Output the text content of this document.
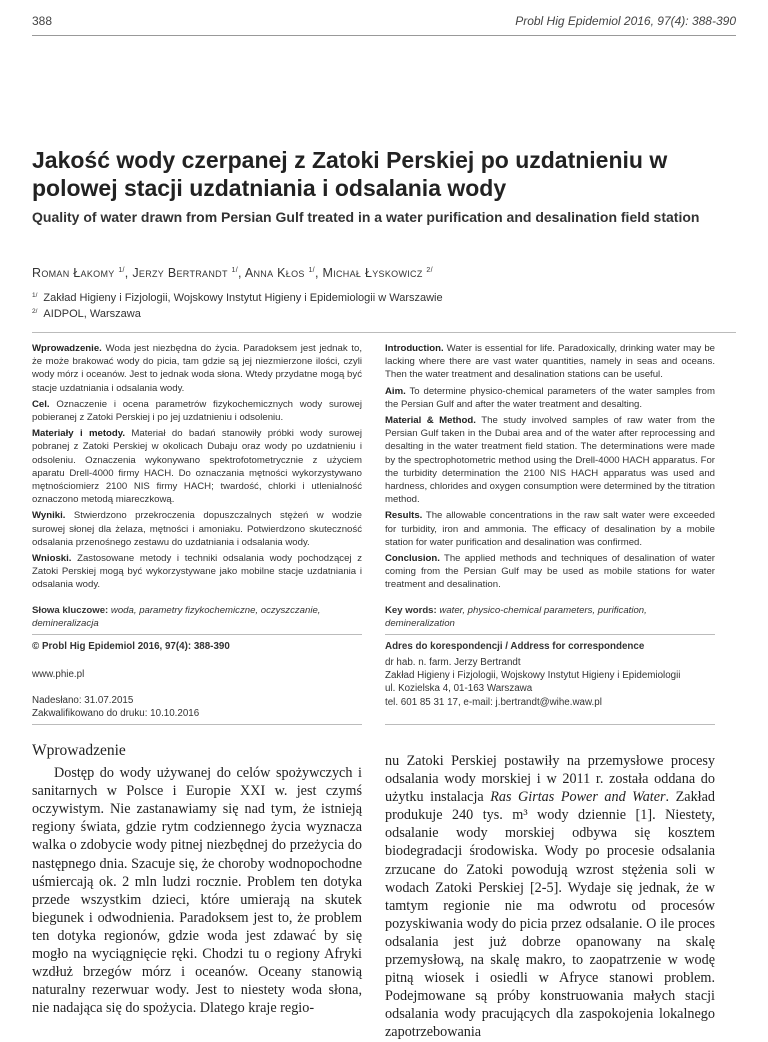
388	Probl Hig Epidemiol 2016, 97(4): 388-390
Jakość wody czerpanej z Zatoki Perskiej po uzdatnieniu w polowej stacji uzdatniania i odsalania wody
Quality of water drawn from Persian Gulf treated in a water purification and desalination field station
Roman Łakomy $^{1/}$, Jerzy Bertrandt $^{1/}$, Anna Kłos $^{1/}$, Michał Łyskowicz $^{2/}$
$^{1/}$ Zakład Higieny i Fizjologii, Wojskowy Instytut Higieny i Epidemiologii w Warszawie
$^{2/}$ AIDPOL, Warszawa

Wprowadzenie. Woda jest niezbędna do życia. Paradoksem jest jednak to, że może brakować wody do picia, tam gdzie są jej niezmierzone ilości, czyli wody mórz i oceanów. Jest to jednak woda słona. Wtedy przydatne mogą być stacje uzdatniania i odsalania wody.

Cel. Oznaczenie i ocena parametrów fizykochemicznych wody surowej pobieranej z Zatoki Perskiej i po jej uzdatnieniu i odsoleniu.

Materiały i metody. Materiał do badań stanowiły próbki wody surowej pobranej z Zatoki Perskiej w okolicach Dubaju oraz wody po uzdatnieniu i odsoleniu. Oznaczenia wykonywano spektrofotometrycznie z użyciem aparatu Drell-4000 firmy HACH. Do oznaczania mętności wykorzystywano mętnościomierz 2100 NIS firmy HACH; twardość, chlorki i utlenialność oznaczono metodą miareczkową.

Wyniki. Stwierdzono przekroczenia dopuszczalnych stężeń w wodzie surowej słonej dla żelaza, mętności i amoniaku. Potwierdzono skuteczność odsalania przenośnego zestawu do uzdatniania i odsalania wody.

Wnioski. Zastosowane metody i techniki odsalania wody pochodzącej z Zatoki Perskiej mogą być wykorzystywane jako mobilne stacje uzdatniania i odsalania wody.

Introduction. Water is essential for life. Paradoxically, drinking water may be lacking where there are vast water quantities, namely in seas and oceans. Then the water treatment and desalination stations can be useful.

Aim. To determine physico-chemical parameters of the water samples from the Persian Gulf and after the water treatment and desalting.

Material & Method. The study involved samples of raw water from the Persian Gulf taken in the Dubai area and of the water after reprocessing and desalting in the water treatment field station. The determinations were made by the spectrophotometric method using the Drell-4000 HACH apparatus. For the turbidity determination the 2100 NIS HACH apparatus was used and hardness, chlorides and oxygen consumption were determined by the titration method.

Results. The allowable concentrations in the raw salt water were exceeded for turbidity, iron and ammonia. The efficacy of desalination by a mobile station for water purification and desalination was confirmed.

Conclusion. The applied methods and techniques of desalination of water coming from the Persian Gulf may be used as mobile stations for water treatment and desalination.

Słowa kluczowe: woda, parametry fizykochemiczne, oczyszczanie, demineralizacja
Key words: water, physico-chemical parameters, purification, demineralization
© Probl Hig Epidemiol 2016, 97(4): 388-390
www.phie.pl
Nadesłano: 31.07.2015
Zakwalifikowano do druku: 10.10.2016
Adres do korespondencji / Address for correspondence
dr hab. n. farm. Jerzy Bertrandt
Zakład Higieny i Fizjologii, Wojskowy Instytut Higieny i Epidemiologii
ul. Kozielska 4, 01-163 Warszawa
tel. 601 85 31 17, e-mail: j.bertrandt@wihe.waw.pl
Wprowadzenie

Dostęp do wody używanej do celów spożywczych i sanitarnych w Polsce i Europie XXI w. jest czymś oczywistym. Nie zastanawiamy się nad tym, że istnieją regiony świata, gdzie rytm codziennego życia wyznacza walka o zdobycie wody pitnej niezbędnej do przeżycia do następnego dnia. Szacuje się, że choroby wodnopochodne uśmiercają ok. 2 mln ludzi rocznie. Problem ten dotyka przede wszystkim dzieci, które umierają na skutek biegunek i odwodnienia. Paradoksem jest to, że problem ten dotyka regionów, gdzie woda jest zdawać by się mogło na wyciągnięcie ręki. Chodzi tu o regiony Afryki wzdłuż brzegów mórz i oceanów. Oceany stanowią naturalny rezerwuar wody. Jest to niestety woda słona, nie nadająca się do spożycia. Dlatego kraje regio-

nu Zatoki Perskiej postawiły na przemysłowe procesy odsalania wody morskiej i w 2011 r. została oddana do użytku instalacja Ras Girtas Power and Water. Zakład produkuje 240 tys. m³ wody dziennie [1]. Niestety, odsalanie wody morskiej odbywa się kosztem biodegradacji środowiska. Wody po procesie odsalania zrzucane do Zatoki powodują wzrost stężenia soli w wodach Zatoki Perskiej [2-5]. Wydaje się jednak, że w tamtym regionie nie ma odwrotu od procesów pozyskiwania wody do picia przez odsalanie. O ile proces odsalania jest już dobrze opanowany na skalę przemysłową, na skalę makro, to zaopatrzenie w wodę pitną wiosek i osiedli w Afryce stanowi problem. Podejmowane są próby konstruowania małych stacji odsalania wody pracujących dla zaspokojenia lokalnego zapotrzebowania
